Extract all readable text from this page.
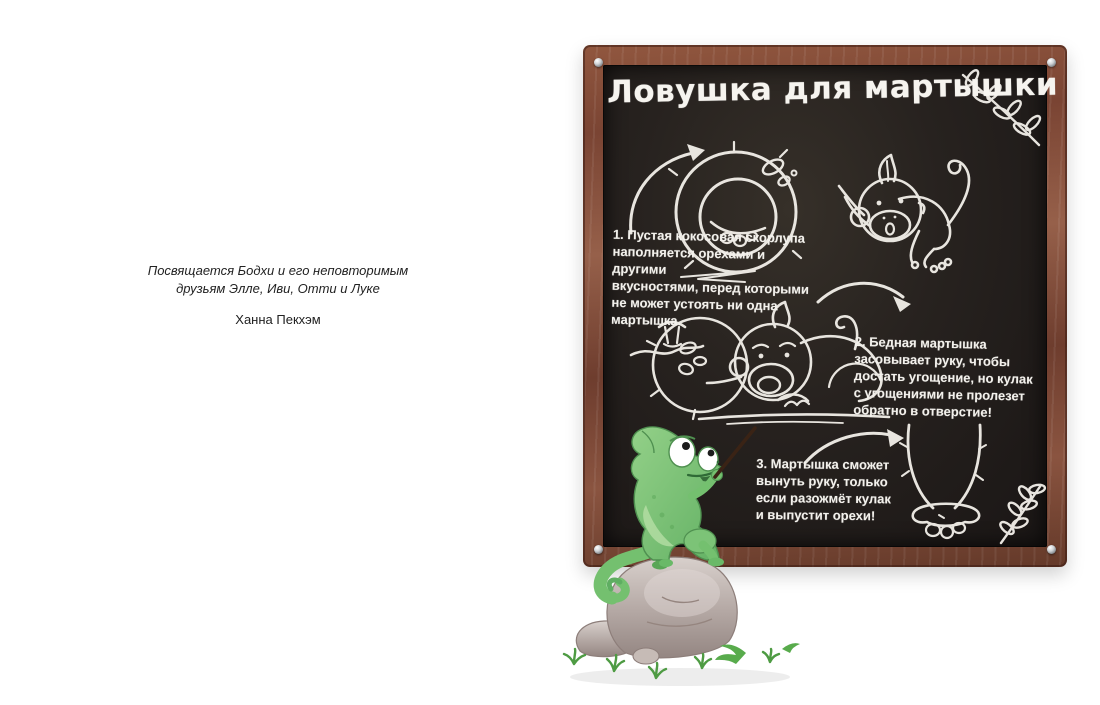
Посвящается Бодхи и его неповторимым
друзьям Элле, Иви, Отти и Луке
Ханна Пекхэм
Ловушка для мартышки
1. Пустая кокосовая скорлупа
наполняется орехами и другими
вкусностями, перед которыми
не может устоять ни одна
мартышка.
2. Бедная мартышка
засовывает руку, чтобы
достать угощение, но кулак
с угощениями не пролезет
обратно в отверстие!
3. Мартышка сможет
вынуть руку, только
если разожмёт кулак
и выпустит орехи!
